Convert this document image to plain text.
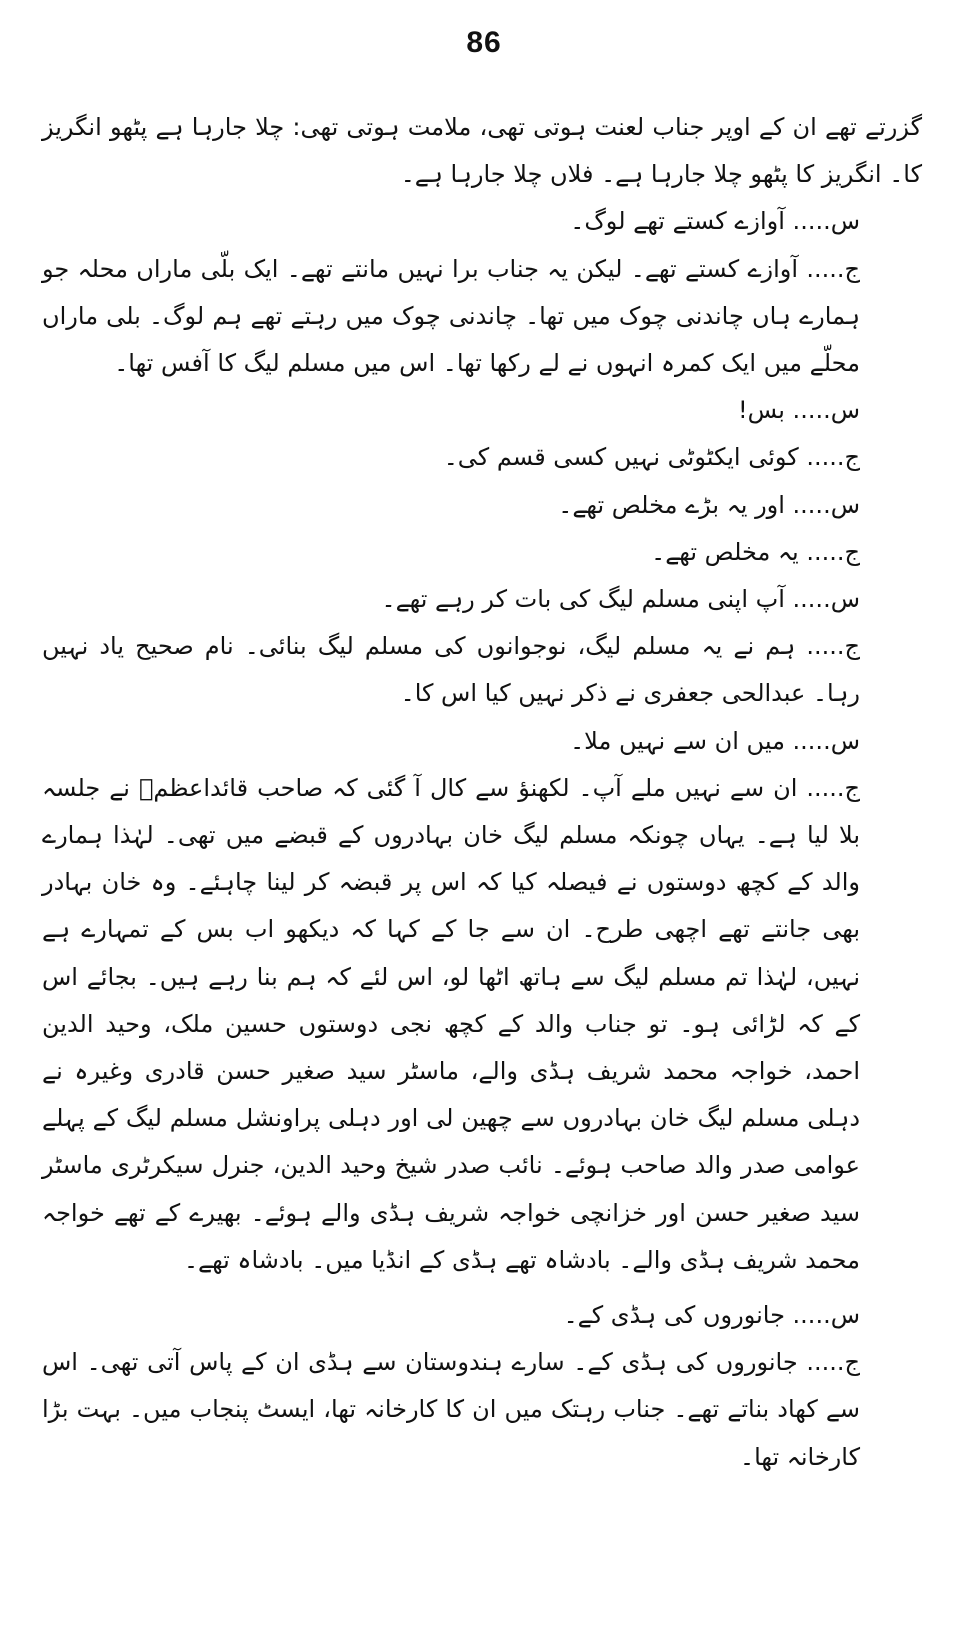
86

گزرتے تھے ان کے اوپر جناب لعنت ہوتی تھی، ملامت ہوتی تھی: چلا جارہا ہے پٹھو انگریز کا۔ انگریز کا پٹھو چلا جارہا ہے۔ فلاں چلا جارہا ہے۔

س..... آوازے کستے تھے لوگ۔

ج..... آوازے کستے تھے۔ لیکن یہ جناب برا نہیں مانتے تھے۔ ایک بلّی ماراں محلہ جو ہمارے ہاں چاندنی چوک میں تھا۔ چاندنی چوک میں رہتے تھے ہم لوگ۔ بلی ماراں محلّے میں ایک کمرہ انہوں نے لے رکھا تھا۔ اس میں مسلم لیگ کا آفس تھا۔

س..... بس!

ج..... کوئی ایکٹوٹی نہیں کسی قسم کی۔

س..... اور یہ بڑے مخلص تھے۔

ج..... یہ مخلص تھے۔

س..... آپ اپنی مسلم لیگ کی بات کر رہے تھے۔

ج..... ہم نے یہ مسلم لیگ، نوجوانوں کی مسلم لیگ بنائی۔ نام صحیح یاد نہیں رہا۔ عبدالحی جعفری نے ذکر نہیں کیا اس کا۔

س..... میں ان سے نہیں ملا۔

ج..... ان سے نہیں ملے آپ۔ لکھنؤ سے کال آ گئی کہ صاحب قائداعظمؒ نے جلسہ بلا لیا ہے۔ یہاں چونکہ مسلم لیگ خان بہادروں کے قبضے میں تھی۔ لہٰذا ہمارے والد کے کچھ دوستوں نے فیصلہ کیا کہ اس پر قبضہ کر لینا چاہئے۔ وہ خان بہادر بھی جانتے تھے اچھی طرح۔ ان سے جا کے کہا کہ دیکھو اب بس کے تمہارے ہے نہیں، لہٰذا تم مسلم لیگ سے ہاتھ اٹھا لو، اس لئے کہ ہم بنا رہے ہیں۔ بجائے اس کے کہ لڑائی ہو۔ تو جناب والد کے کچھ نجی دوستوں حسین ملک، وحید الدین احمد، خواجہ محمد شریف ہڈی والے، ماسٹر سید صغیر حسن قادری وغیرہ نے دہلی مسلم لیگ خان بہادروں سے چھین لی اور دہلی پراونشل مسلم لیگ کے پہلے عوامی صدر والد صاحب ہوئے۔ نائب صدر شیخ وحید الدین، جنرل سیکرٹری ماسٹر سید صغیر حسن اور خزانچی خواجہ شریف ہڈی والے ہوئے۔ بھیرے کے تھے خواجہ محمد شریف ہڈی والے۔ بادشاہ تھے ہڈی کے انڈیا میں۔ بادشاہ تھے۔

س..... جانوروں کی ہڈی کے۔

ج..... جانوروں کی ہڈی کے۔ سارے ہندوستان سے ہڈی ان کے پاس آتی تھی۔ اس سے کھاد بناتے تھے۔ جناب رہتک میں ان کا کارخانہ تھا، ایسٹ پنجاب میں۔ بہت بڑا کارخانہ تھا۔
